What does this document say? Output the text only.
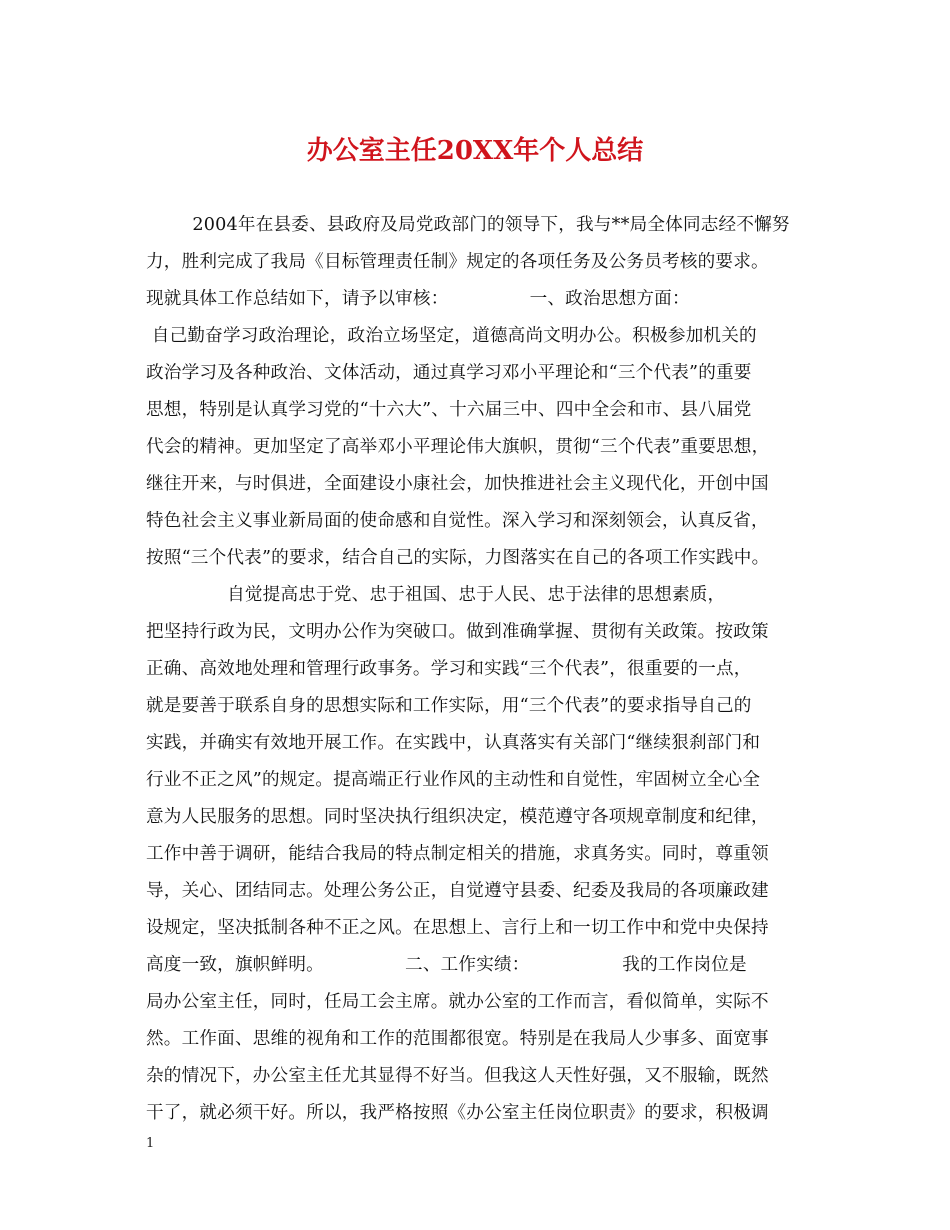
办公室主任20XX年个人总结
2004年在县委、县政府及局党政部门的领导下，我与**局全体同志经不懈努
力，胜利完成了我局《目标管理责任制》规定的各项任务及公务员考核的要求。
现就具体工作总结如下，请予以审核：              一、政治思想方面：
自己勤奋学习政治理论，政治立场坚定，道德高尚文明办公。积极参加机关的
政治学习及各种政治、文体活动，通过真学习邓小平理论和“三个代表”的重要
思想，特别是认真学习党的“十六大”、十六届三中、四中全会和市、县八届党
代会的精神。更加坚定了高举邓小平理论伟大旗帜，贯彻“三个代表”重要思想，
继往开来，与时俱进，全面建设小康社会，加快推进社会主义现代化，开创中国
特色社会主义事业新局面的使命感和自觉性。深入学习和深刻领会，认真反省，
按照“三个代表”的要求，结合自己的实际，力图落实在自己的各项工作实践中。
自觉提高忠于党、忠于祖国、忠于人民、忠于法律的思想素质，
把坚持行政为民，文明办公作为突破口。做到准确掌握、贯彻有关政策。按政策
正确、高效地处理和管理行政事务。学习和实践“三个代表”，很重要的一点，
就是要善于联系自身的思想实际和工作实际，用“三个代表”的要求指导自己的
实践，并确实有效地开展工作。在实践中，认真落实有关部门“继续狠刹部门和
行业不正之风”的规定。提高端正行业作风的主动性和自觉性，牢固树立全心全
意为人民服务的思想。同时坚决执行组织决定，模范遵守各项规章制度和纪律，
工作中善于调研，能结合我局的特点制定相关的措施，求真务实。同时，尊重领
导，关心、团结同志。处理公务公正，自觉遵守县委、纪委及我局的各项廉政建
设规定，坚决抵制各种不正之风。在思想上、言行上和一切工作中和党中央保持
高度一致，旗帜鲜明。              二、工作实绩：                我的工作岗位是
局办公室主任，同时，任局工会主席。就办公室的工作而言，看似简单，实际不
然。工作面、思维的视角和工作的范围都很宽。特别是在我局人少事多、面宽事
杂的情况下，办公室主任尤其显得不好当。但我这人天性好强，又不服输，既然
干了，就必须干好。所以，我严格按照《办公室主任岗位职责》的要求，积极调
1
